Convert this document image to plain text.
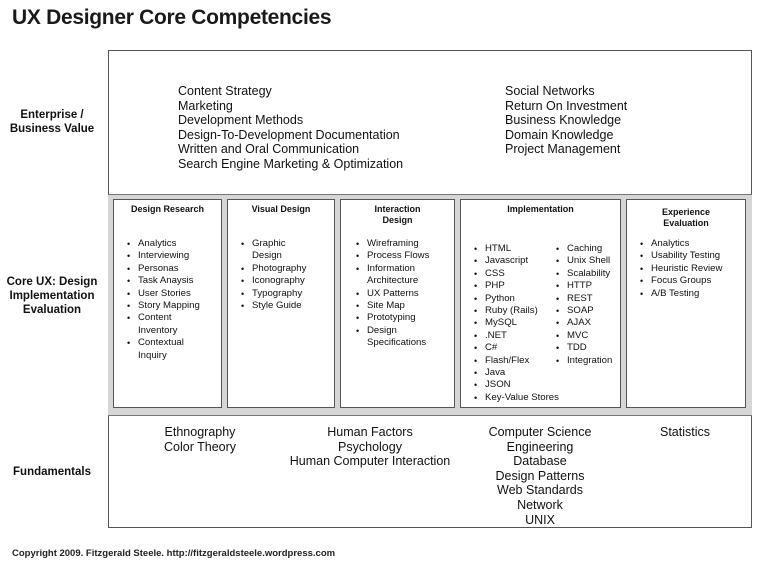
UX Designer Core Competencies
Enterprise / Business Value
Core UX: Design Implementation Evaluation
Fundamentals
Content Strategy
Marketing
Development Methods
Design-To-Development Documentation
Written and Oral Communication
Search Engine Marketing & Optimization
Social Networks
Return On Investment
Business Knowledge
Domain Knowledge
Project Management
Design Research
• Analytics
• Interviewing
• Personas
• Task Anaysis
• User Stories
• Story Mapping
• Content Inventory
• Contextual Inquiry
Visual Design
• Graphic Design
• Photography
• Iconography
• Typography
• Style Guide
Interaction Design
• Wireframing
• Process Flows
• Information Architecture
• UX Patterns
• Site Map
• Prototyping
• Design Specifications
Implementation
• HTML
• Javascript
• CSS
• PHP
• Python
• Ruby (Rails)
• MySQL
• .NET
• C#
• Flash/Flex
• Java
• JSON
• Key-Value Stores
• Caching
• Unix Shell
• Scalability
• HTTP
• REST
• SOAP
• AJAX
• MVC
• TDD
• Integration
Experience Evaluation
• Analytics
• Usability Testing
• Heuristic Review
• Focus Groups
• A/B Testing
Ethnography
Color Theory
Human Factors
Psychology
Human Computer Interaction
Computer Science
Engineering
Database
Design Patterns
Web Standards
Network
UNIX
Statistics
Copyright 2009. Fitzgerald Steele. http://fitzgeraldsteele.wordpress.com
